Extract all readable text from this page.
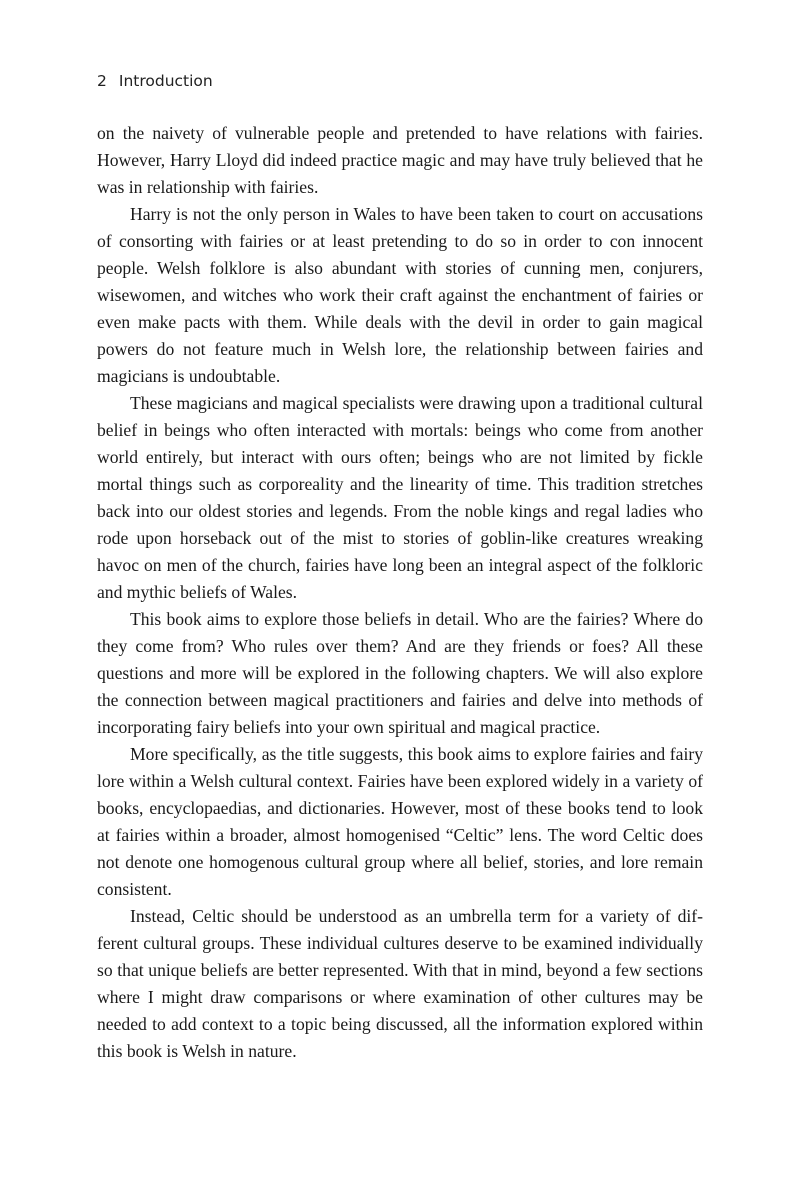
2 Introduction

on the naivety of vulnerable people and pretended to have relations with fairies. However, Harry Lloyd did indeed practice magic and may have truly believed that he was in relationship with fairies.

Harry is not the only person in Wales to have been taken to court on accusations of consorting with fairies or at least pretending to do so in order to con innocent people. Welsh folklore is also abundant with stories of cunning men, conjurers, wisewomen, and witches who work their craft against the enchantment of fairies or even make pacts with them. While deals with the devil in order to gain magical powers do not feature much in Welsh lore, the relationship between fairies and magicians is undoubtable.

These magicians and magical specialists were drawing upon a traditional cultural belief in beings who often interacted with mortals: beings who come from another world entirely, but interact with ours often; beings who are not limited by fickle mortal things such as corporeality and the linearity of time. This tradition stretches back into our oldest stories and legends. From the noble kings and regal ladies who rode upon horseback out of the mist to stories of goblin-like creatures wreaking havoc on men of the church, fairies have long been an integral aspect of the folkloric and mythic beliefs of Wales.

This book aims to explore those beliefs in detail. Who are the fairies? Where do they come from? Who rules over them? And are they friends or foes? All these questions and more will be explored in the following chapters. We will also explore the connection between magical practitioners and fairies and delve into methods of incorporating fairy beliefs into your own spiritual and magical practice.

More specifically, as the title suggests, this book aims to explore fairies and fairy lore within a Welsh cultural context. Fairies have been explored widely in a variety of books, encyclopaedias, and dictionaries. However, most of these books tend to look at fairies within a broader, almost homogenised “Celtic” lens. The word Celtic does not denote one homogenous cultural group where all belief, stories, and lore remain consistent.

Instead, Celtic should be understood as an umbrella term for a variety of different cultural groups. These individual cultures deserve to be examined individually so that unique beliefs are better represented. With that in mind, beyond a few sections where I might draw comparisons or where examination of other cultures may be needed to add context to a topic being discussed, all the information explored within this book is Welsh in nature.
